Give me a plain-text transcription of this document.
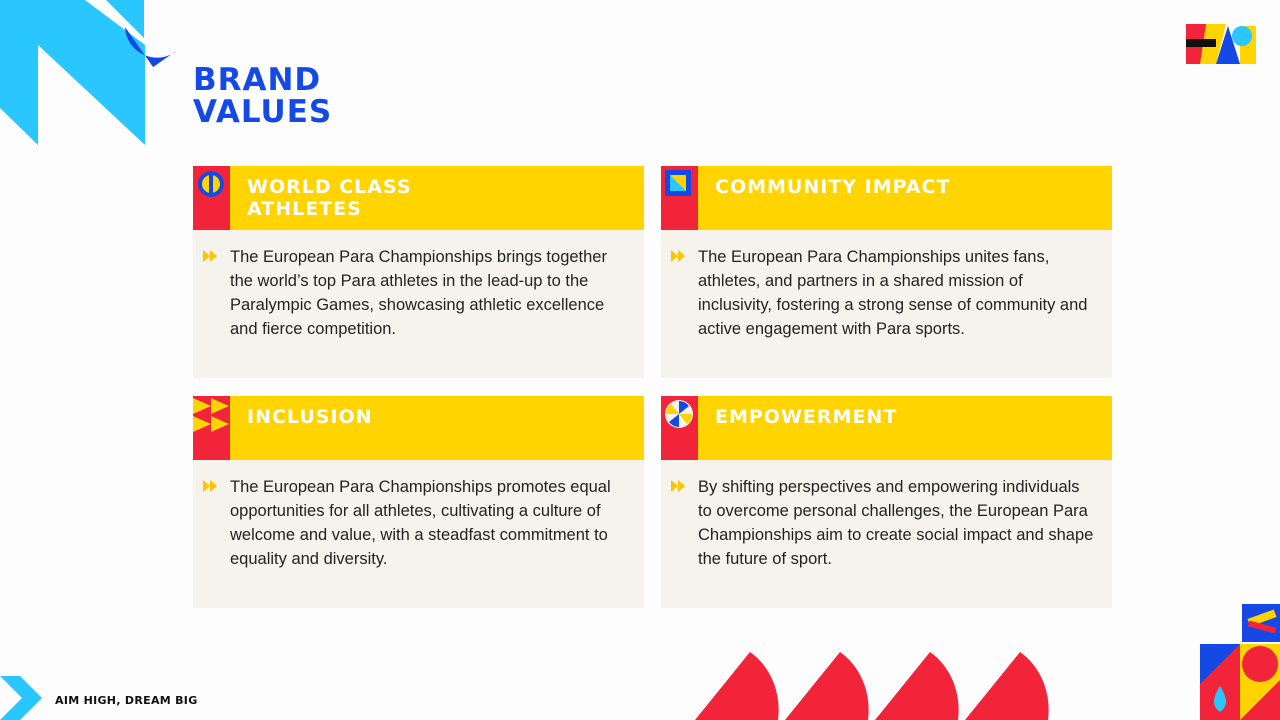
BRAND
VALUES
WORLD CLASS
ATHLETES

The European Para Championships brings together the world’s top Para athletes in the lead-up to the Paralympic Games, showcasing athletic excellence and fierce competition.

COMMUNITY IMPACT

The European Para Championships unites fans, athletes, and partners in a shared mission of inclusivity, fostering a strong sense of community and active engagement with Para sports.

INCLUSION

The European Para Championships promotes equal opportunities for all athletes, cultivating a culture of welcome and value, with a steadfast commitment to equality and diversity.

EMPOWERMENT

By shifting perspectives and empowering individuals to overcome personal challenges, the European Para Championships aim to create social impact and shape the future of sport.

AIM HIGH, DREAM BIG
